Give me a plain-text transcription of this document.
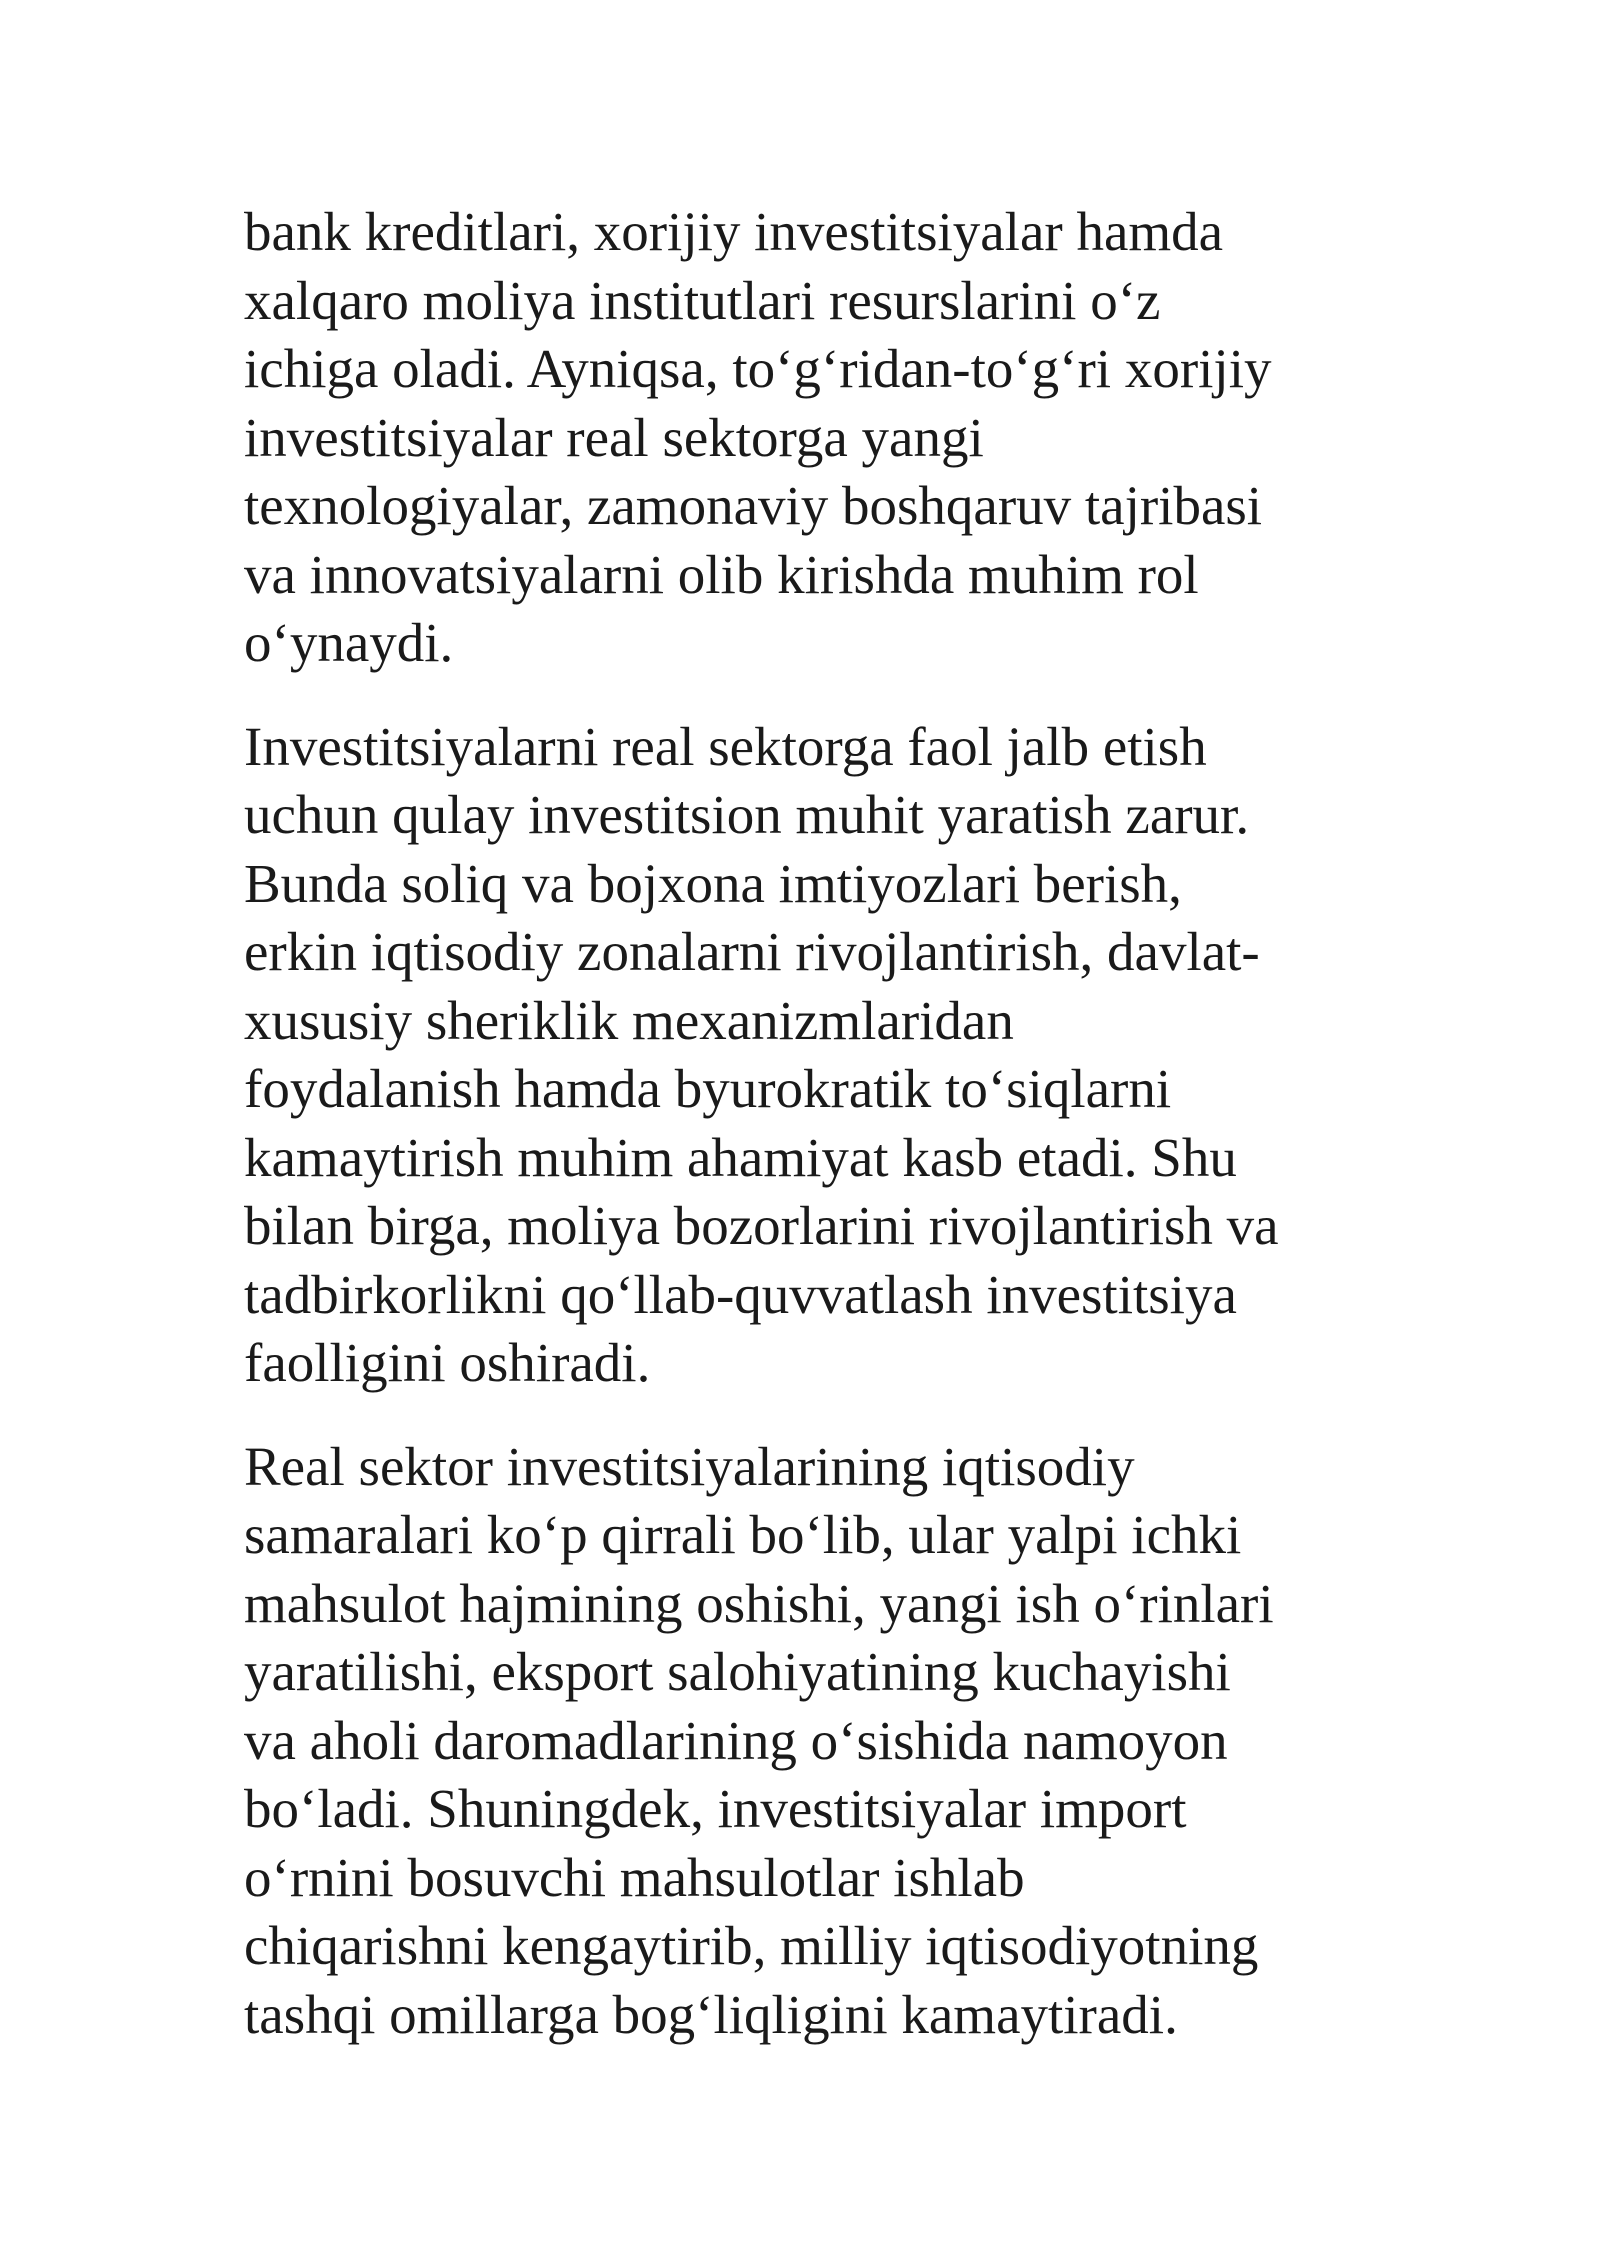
bank kreditlari, xorijiy investitsiyalar hamda
xalqaro moliya institutlari resurslarini o‘z
ichiga oladi. Ayniqsa, to‘g‘ridan-to‘g‘ri xorijiy
investitsiyalar real sektorga yangi
texnologiyalar, zamonaviy boshqaruv tajribasi
va innovatsiyalarni olib kirishda muhim rol
o‘ynaydi.

Investitsiyalarni real sektorga faol jalb etish
uchun qulay investitsion muhit yaratish zarur.
Bunda soliq va bojxona imtiyozlari berish,
erkin iqtisodiy zonalarni rivojlantirish, davlat-
xususiy sheriklik mexanizmlaridan
foydalanish hamda byurokratik to‘siqlarni
kamaytirish muhim ahamiyat kasb etadi. Shu
bilan birga, moliya bozorlarini rivojlantirish va
tadbirkorlikni qo‘llab-quvvatlash investitsiya
faolligini oshiradi.

Real sektor investitsiyalarining iqtisodiy
samaralari ko‘p qirrali bo‘lib, ular yalpi ichki
mahsulot hajmining oshishi, yangi ish o‘rinlari
yaratilishi, eksport salohiyatining kuchayishi
va aholi daromadlarining o‘sishida namoyon
bo‘ladi. Shuningdek, investitsiyalar import
o‘rnini bosuvchi mahsulotlar ishlab
chiqarishni kengaytirib, milliy iqtisodiyotning
tashqi omillarga bog‘liqligini kamaytiradi.
